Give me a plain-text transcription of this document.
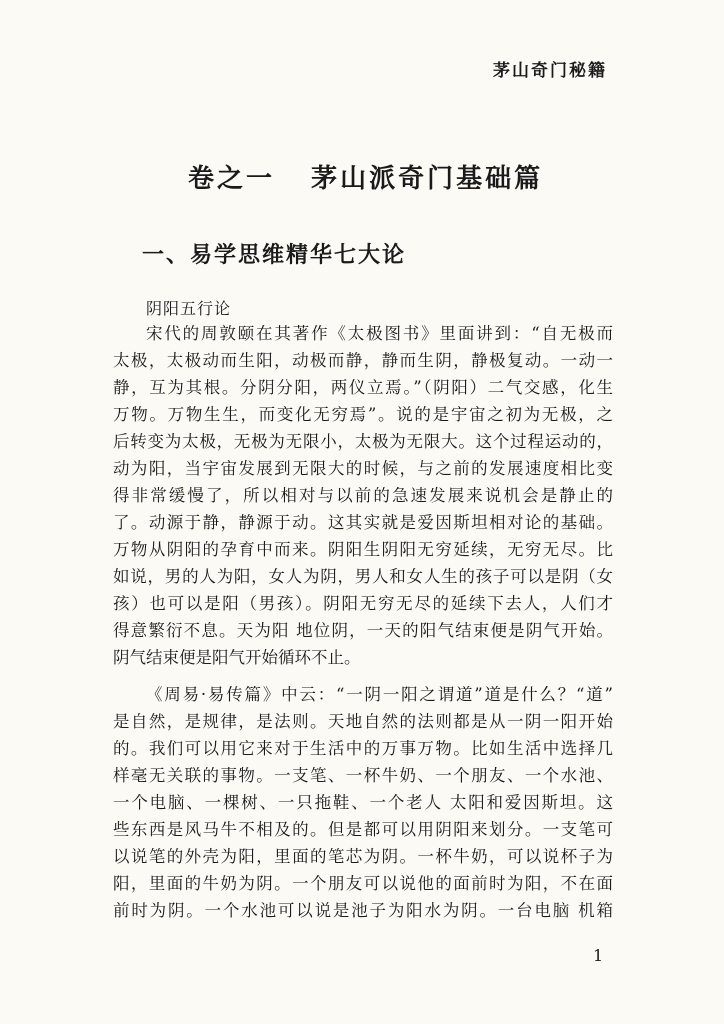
茅山奇门秘籍
卷之一   茅山派奇门基础篇
一、易学思维精华七大论
阴阳五行论
宋代的周敦颐在其著作《太极图书》里面讲到：“自无极而
太极，太极动而生阳，动极而静，静而生阴，静极复动。一动一
静，互为其根。分阴分阳，两仪立焉。”（阴阳）二气交感，化生
万物。万物生生，而变化无穷焉”。说的是宇宙之初为无极，之
后转变为太极，无极为无限小，太极为无限大。这个过程运动的，
动为阳，当宇宙发展到无限大的时候，与之前的发展速度相比变
得非常缓慢了，所以相对与以前的急速发展来说机会是静止的
了。动源于静，静源于动。这其实就是爱因斯坦相对论的基础。
万物从阴阳的孕育中而来。阴阳生阴阳无穷延续，无穷无尽。比
如说，男的人为阳，女人为阴，男人和女人生的孩子可以是阴（女
孩）也可以是阳（男孩）。阴阳无穷无尽的延续下去人，人们才
得意繁衍不息。天为阳 地位阴，一天的阳气结束便是阴气开始。
阴气结束便是阳气开始循环不止。
《周易·易传篇》中云：“一阴一阳之谓道”道是什么？“道”
是自然，是规律，是法则。天地自然的法则都是从一阴一阳开始
的。我们可以用它来对于生活中的万事万物。比如生活中选择几
样毫无关联的事物。一支笔、一杯牛奶、一个朋友、一个水池、
一个电脑、一棵树、一只拖鞋、一个老人 太阳和爱因斯坦。这
些东西是风马牛不相及的。但是都可以用阴阳来划分。一支笔可
以说笔的外壳为阳，里面的笔芯为阴。一杯牛奶，可以说杯子为
阳，里面的牛奶为阴。一个朋友可以说他的面前时为阳，不在面
前时为阴。一个水池可以说是池子为阳水为阴。一台电脑 机箱
1
